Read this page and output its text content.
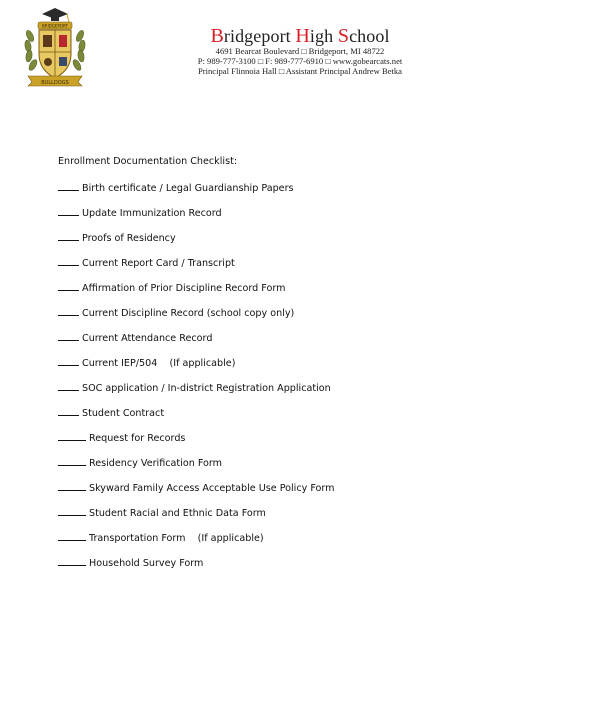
BULLDOGS
BRIDGEPORT	Bridgeport High School
4691 Bearcat Boulevard □ Bridgeport, MI 48722
P: 989-777-3100 □ F: 989-777-6910 □ www.gobearcats.net
Principal Flinnoia Hall □ Assistant Principal Andrew Betka
Enrollment Documentation Checklist:
Birth certificate / Legal Guardianship Papers
Update Immunization Record
Proofs of Residency
Current Report Card / Transcript
Affirmation of Prior Discipline Record Form
Current Discipline Record (school copy only)
Current Attendance Record
Current IEP/504    (If applicable)
SOC application / In-district Registration Application
Student Contract
Request for Records
Residency Verification Form
Skyward Family Access Acceptable Use Policy Form
Student Racial and Ethnic Data Form
Transportation Form    (If applicable)
Household Survey Form
